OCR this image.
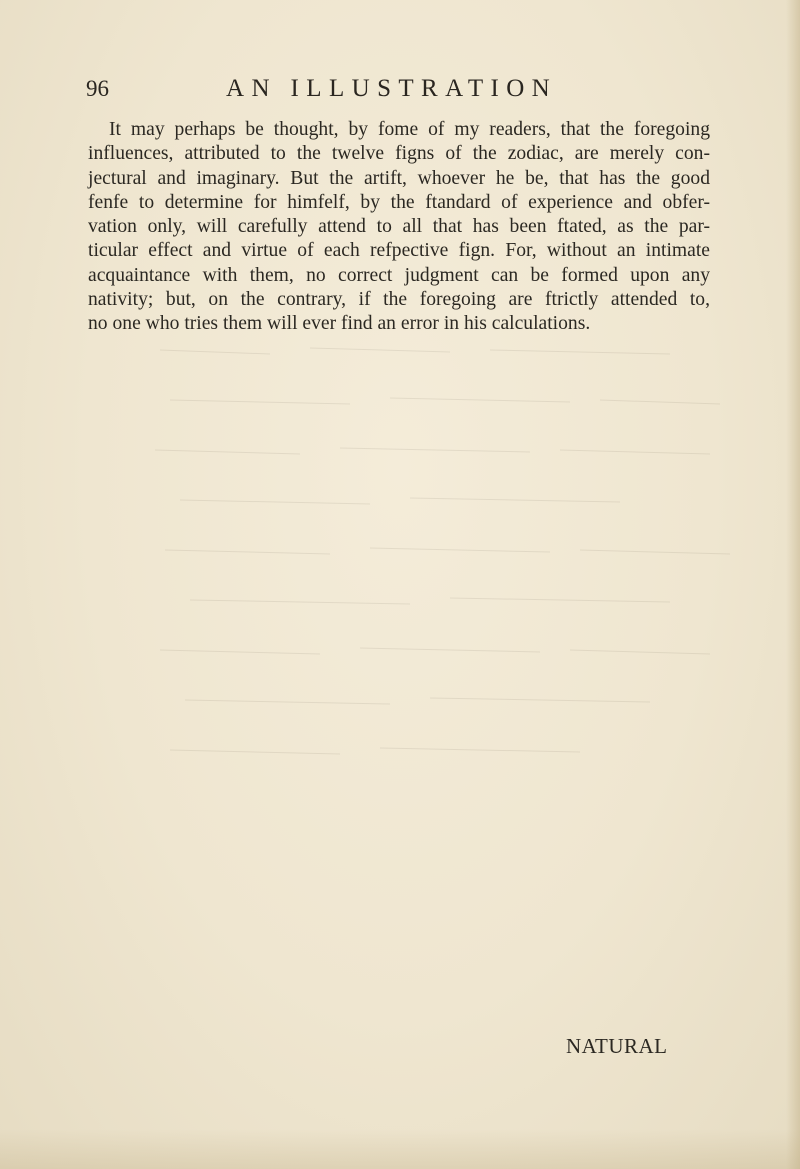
96	AN ILLUSTRATION
It may perhaps be thought, by fome of my readers, that the foregoing
influences, attributed to the twelve figns of the zodiac, are merely con-
jectural and imaginary. But the artift, whoever he be, that has the good
fenfe to determine for himfelf, by the ftandard of experience and obfer-
vation only, will carefully attend to all that has been ftated, as the par-
ticular effect and virtue of each refpective fign. For, without an intimate
acquaintance with them, no correct judgment can be formed upon any
nativity; but, on the contrary, if the foregoing are ftrictly attended to,
no one who tries them will ever find an error in his calculations.
NATURAL
